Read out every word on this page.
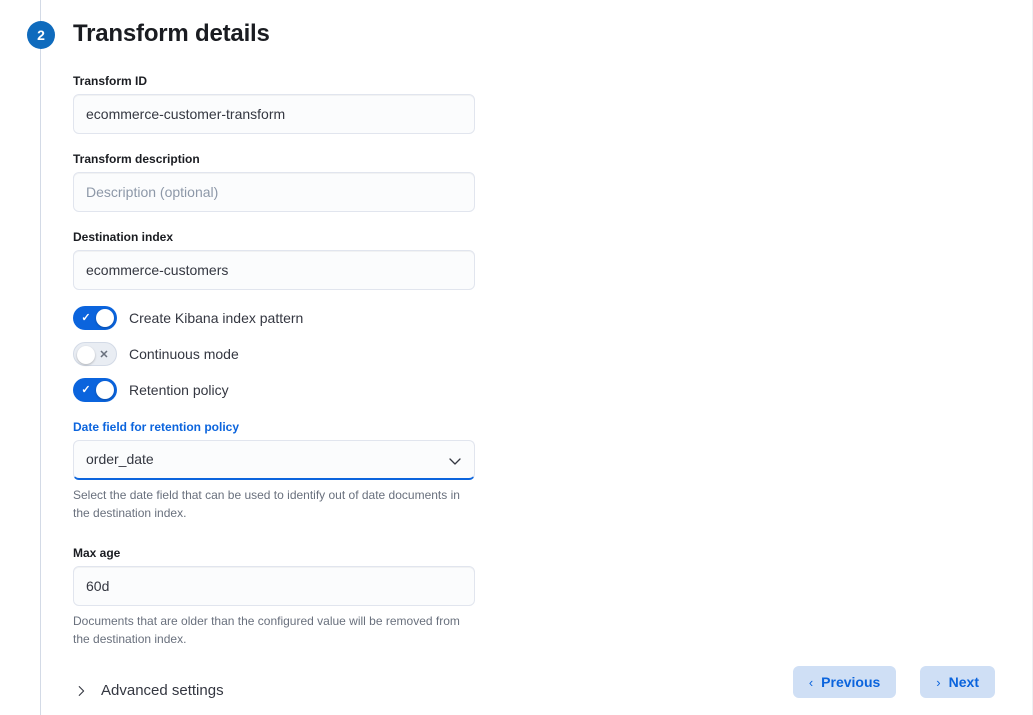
2	Transform details
Transform ID
ecommerce-customer-transform
Transform description
Description (optional)
Destination index
ecommerce-customers
✓	Create Kibana index pattern
✕	Continuous mode
✓	Retention policy
Date field for retention policy
order_date
Select the date field that can be used to identify out of date documents in the destination index.
Max age
60d
Documents that are older than the configured value will be removed from the destination index.
Advanced settings	‹ Previous	› Next
